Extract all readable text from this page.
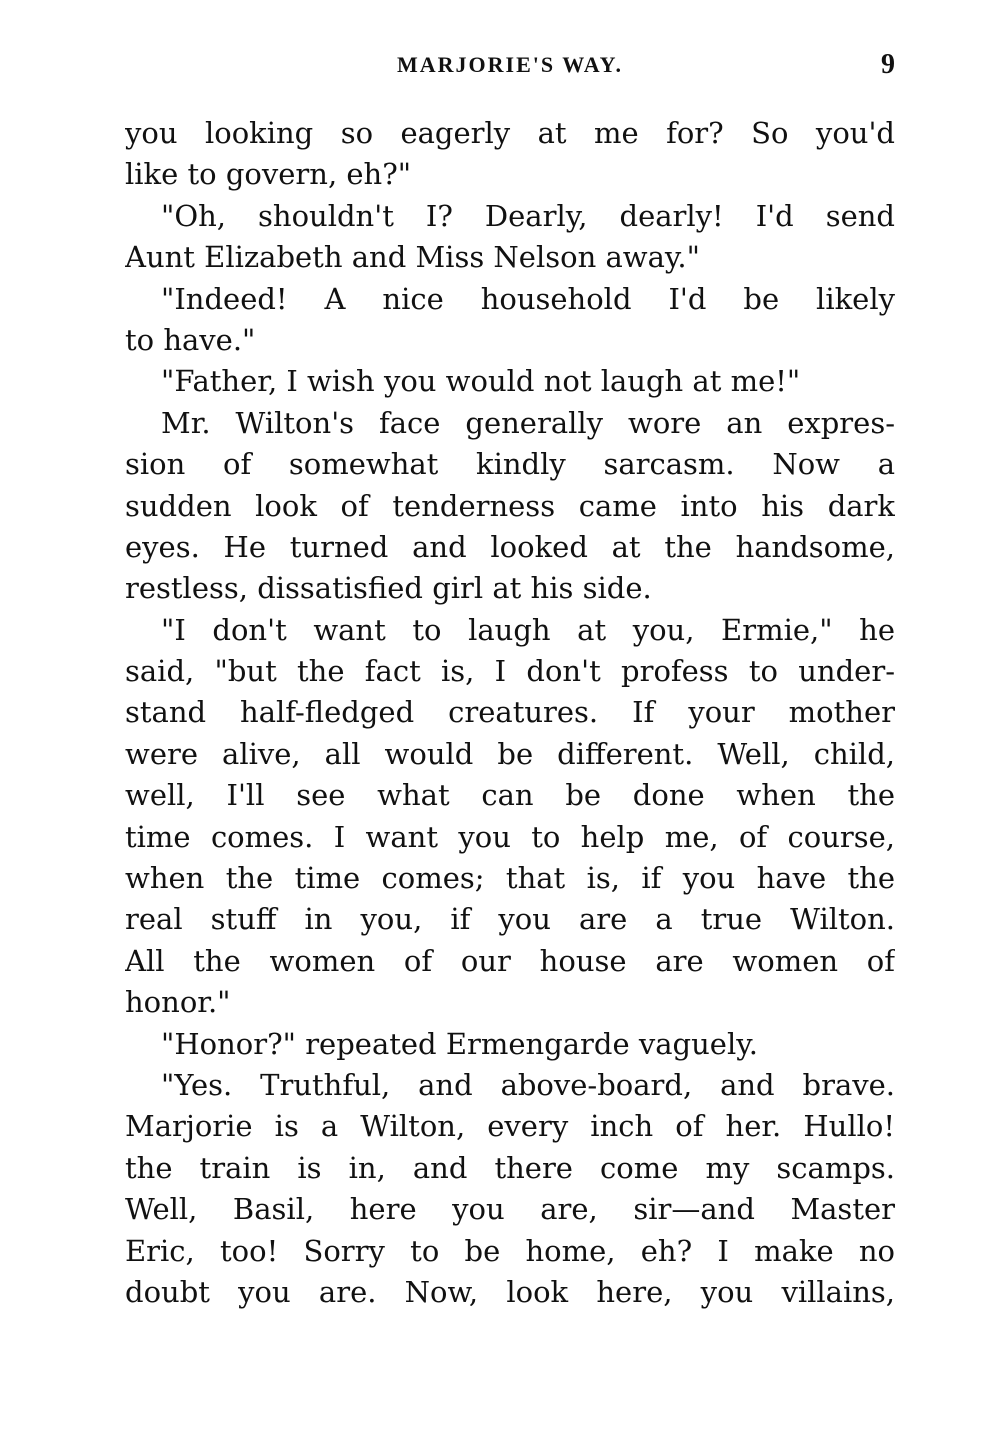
MARJORIE'S WAY.	9
you looking so eagerly at me for? So you'd
like to govern, eh?"
"Oh, shouldn't I? Dearly, dearly! I'd send
Aunt Elizabeth and Miss Nelson away."
"Indeed! A nice household I'd be likely
to have."
"Father, I wish you would not laugh at me!"
Mr. Wilton's face generally wore an expres-
sion of somewhat kindly sarcasm. Now a
sudden look of tenderness came into his dark
eyes. He turned and looked at the handsome,
restless, dissatisfied girl at his side.
"I don't want to laugh at you, Ermie," he
said, "but the fact is, I don't profess to under-
stand half-fledged creatures. If your mother
were alive, all would be different. Well, child,
well, I'll see what can be done when the
time comes. I want you to help me, of course,
when the time comes; that is, if you have the
real stuff in you, if you are a true Wilton.
All the women of our house are women of
honor."
"Honor?" repeated Ermengarde vaguely.
"Yes. Truthful, and above-board, and brave.
Marjorie is a Wilton, every inch of her. Hullo!
the train is in, and there come my scamps.
Well, Basil, here you are, sir—and Master
Eric, too! Sorry to be home, eh? I make no
doubt you are. Now, look here, you villains,
